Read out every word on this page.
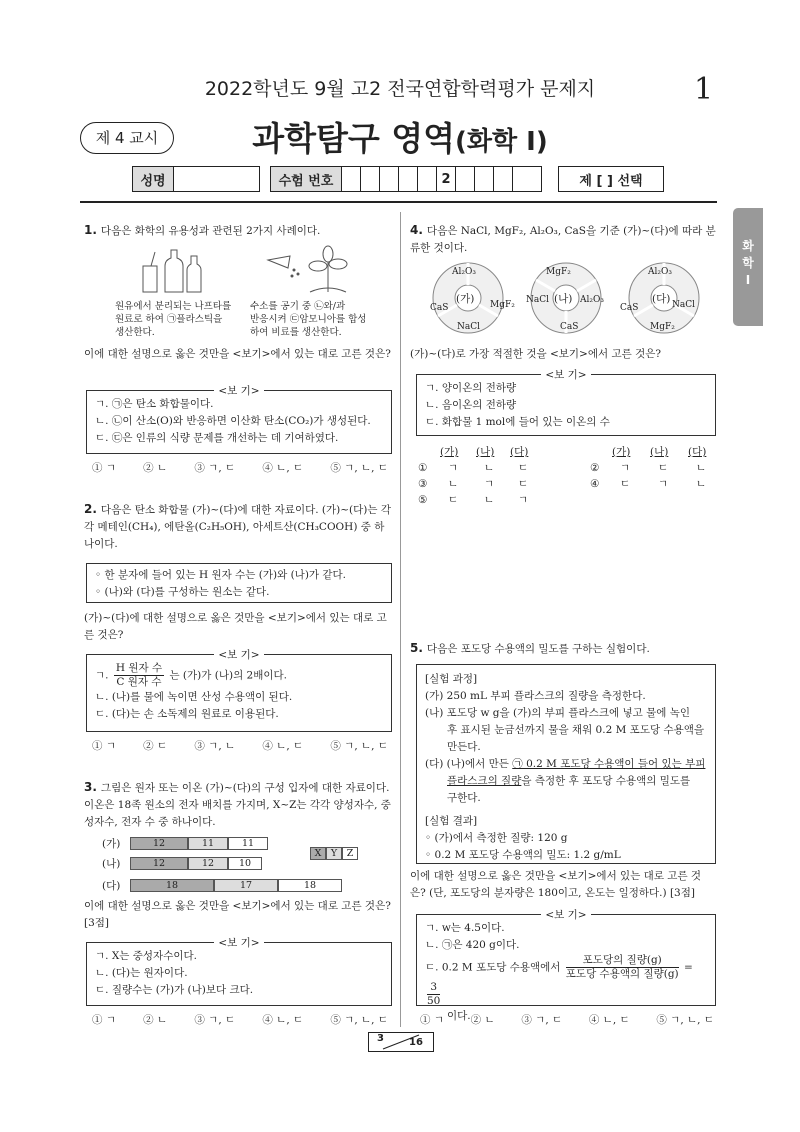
2022학년도 9월 고2 전국연합학력평가 문제지	1
제 4 교시	과학탐구 영역(화학 Ⅰ)
성명	수험 번호	2	제 [ ] 선택
화
학
Ⅰ
1. 다음은 화학의 유용성과 관련된 2가지 사례이다.
원유에서 분리되는 나프타를
원료로 하여 ㉠플라스틱을
생산한다.
수소를 공기 중 ㉡와/과
반응시켜 ㉢암모니아를 합성
하여 비료를 생산한다.
이에 대한 설명으로 옳은 것만을 <보기>에서 있는 대로 고른 것은?
<보 기>
ㄱ. ㉠은 탄소 화합물이다.
ㄴ. ㉡이 산소(O)와 반응하면 이산화 탄소(CO₂)가 생성된다.
ㄷ. ㉢은 인류의 식량 문제를 개선하는 데 기여하였다.
① ㄱ	② ㄴ	③ ㄱ, ㄷ	④ ㄴ, ㄷ	⑤ ㄱ, ㄴ, ㄷ
2. 다음은 탄소 화합물 (가)~(다)에 대한 자료이다. (가)~(다)는 각각 메테인(CH₄), 에탄올(C₂H₅OH), 아세트산(CH₃COOH) 중 하나이다.
◦ 한 분자에 들어 있는 H 원자 수는 (가)와 (나)가 같다.
◦ (나)와 (다)를 구성하는 원소는 같다.
(가)~(다)에 대한 설명으로 옳은 것만을 <보기>에서 있는 대로 고른 것은?
<보 기>
ㄱ. $\frac{\text{H 원자 수}}{\text{C 원자 수}}$ 는 (가)가 (나)의 2배이다.
ㄴ. (나)를 물에 녹이면 산성 수용액이 된다.
ㄷ. (다)는 손 소독제의 원료로 이용된다.
① ㄱ	② ㄷ	③ ㄱ, ㄴ	④ ㄴ, ㄷ	⑤ ㄱ, ㄴ, ㄷ
3. 그림은 원자 또는 이온 (가)~(다)의 구성 입자에 대한 자료이다. 이온은 18족 원소의 전자 배치를 가지며, X~Z는 각각 양성자수, 중성자수, 전자 수 중 하나이다.
(가)	12	11	11
(나)	12	12	10
(다)	18	17	18
X Y	Z
이에 대한 설명으로 옳은 것만을 <보기>에서 있는 대로 고른 것은? [3점]
<보 기>
ㄱ. X는 중성자수이다.
ㄴ. (다)는 원자이다.
ㄷ. 질량수는 (가)가 (나)보다 크다.
① ㄱ	② ㄴ	③ ㄱ, ㄷ	④ ㄴ, ㄷ	⑤ ㄱ, ㄴ, ㄷ
4. 다음은 NaCl, MgF₂, Al₂O₃, CaS을 기준 (가)~(다)에 따라 분류한 것이다.
Al₂O₃
CaS	MgF₂
NaCl
(가)
MgF₂
NaCl	Al₂O₃
CaS
(나)
Al₂O₃
CaS	NaCl
MgF₂
(다)
(가)~(다)로 가장 적절한 것을 <보기>에서 고른 것은?
<보 기>
ㄱ. 양이온의 전하량
ㄴ. 음이온의 전하량
ㄷ. 화합물 1 mol에 들어 있는 이온의 수
(가) (나) (다)	(가) (나) (다)
① ㄱ ㄴ ㄷ	② ㄱ	ㄷ	ㄴ
③ ㄴ ㄱ ㄷ	④ ㄷ	ㄱ	ㄴ
⑤ ㄷ ㄴ ㄱ
5. 다음은 포도당 수용액의 밀도를 구하는 실험이다.
[실험 과정]
(가) 250 mL 부피 플라스크의 질량을 측정한다.
(나) 포도당 w g을 (가)의 부피 플라스크에 넣고 물에 녹인
후 표시된 눈금선까지 물을 채워 0.2 M 포도당 수용액을
만든다.
(다) (나)에서 만든 ㉠ 0.2 M 포도당 수용액이 들어 있는 부피
플라스크의 질량을 측정한 후 포도당 수용액의 밀도를
구한다.
[실험 결과]
◦ (가)에서 측정한 질량: 120 g
◦ 0.2 M 포도당 수용액의 밀도: 1.2 g/mL
이에 대한 설명으로 옳은 것만을 <보기>에서 있는 대로 고른 것은? (단, 포도당의 분자량은 180이고, 온도는 일정하다.) [3점]
<보 기>
ㄱ. w는 4.5이다.
ㄴ. ㉠은 420 g이다.
ㄷ. 0.2 M 포도당 수용액에서 $\frac{\text{포도당의 질량(g)}}{\text{포도당 수용액의 질량(g)}}$ =
$\frac{3}{50}$
이다.
① ㄱ	② ㄴ	③ ㄱ, ㄷ	④ ㄴ, ㄷ	⑤ ㄱ, ㄴ, ㄷ
3	16
